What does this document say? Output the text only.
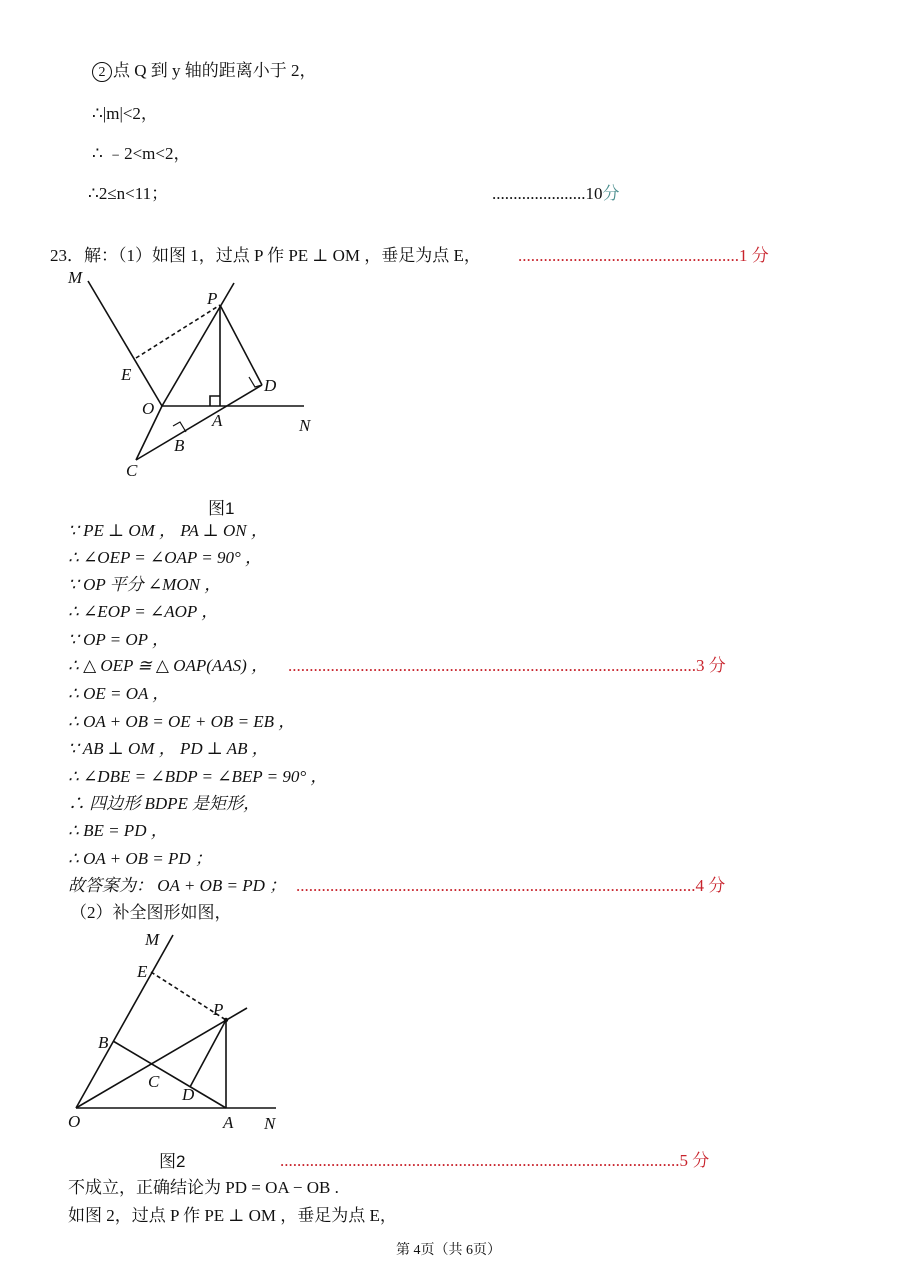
2 点 Q 到 y 轴的距离小于 2，
∴|m|<2，
∴ ﹣2<m<2，
∴2≤n<11；	......................10分
23．解：（1）如图 1，过点 P 作 PE ⊥ OM ，垂足为点 E， ....................................................1 分
M
P
E
D
O
A	N
B
C
图1
∵ PE ⊥ OM ， PA ⊥ ON ，
∴ ∠OEP = ∠OAP = 90° ，
∵ OP 平分 ∠MON ，
∴ ∠EOP = ∠AOP ，
∵ OP = OP ，
∴ △ OEP ≅ △ OAP(AAS) ， ................................................................................................3 分
∴ OE = OA ，
∴ OA + OB = OE + OB = EB ，
∵ AB ⊥ OM ， PD ⊥ AB ，
∴ ∠DBE = ∠BDP = ∠BEP = 90° ，
∴ 四边形 BDPE 是矩形，
∴ BE = PD ，
∴ OA + OB = PD ；
故答案为： OA + OB = PD ； ..............................................................................................4 分
（2）补全图形如图，
M
E
P
B
C
D
O	A N
图2	..............................................................................................5 分
不成立，正确结论为 PD = OA − OB .
如图 2，过点 P 作 PE ⊥ OM ，垂足为点 E，
第 4页（共 6页）
